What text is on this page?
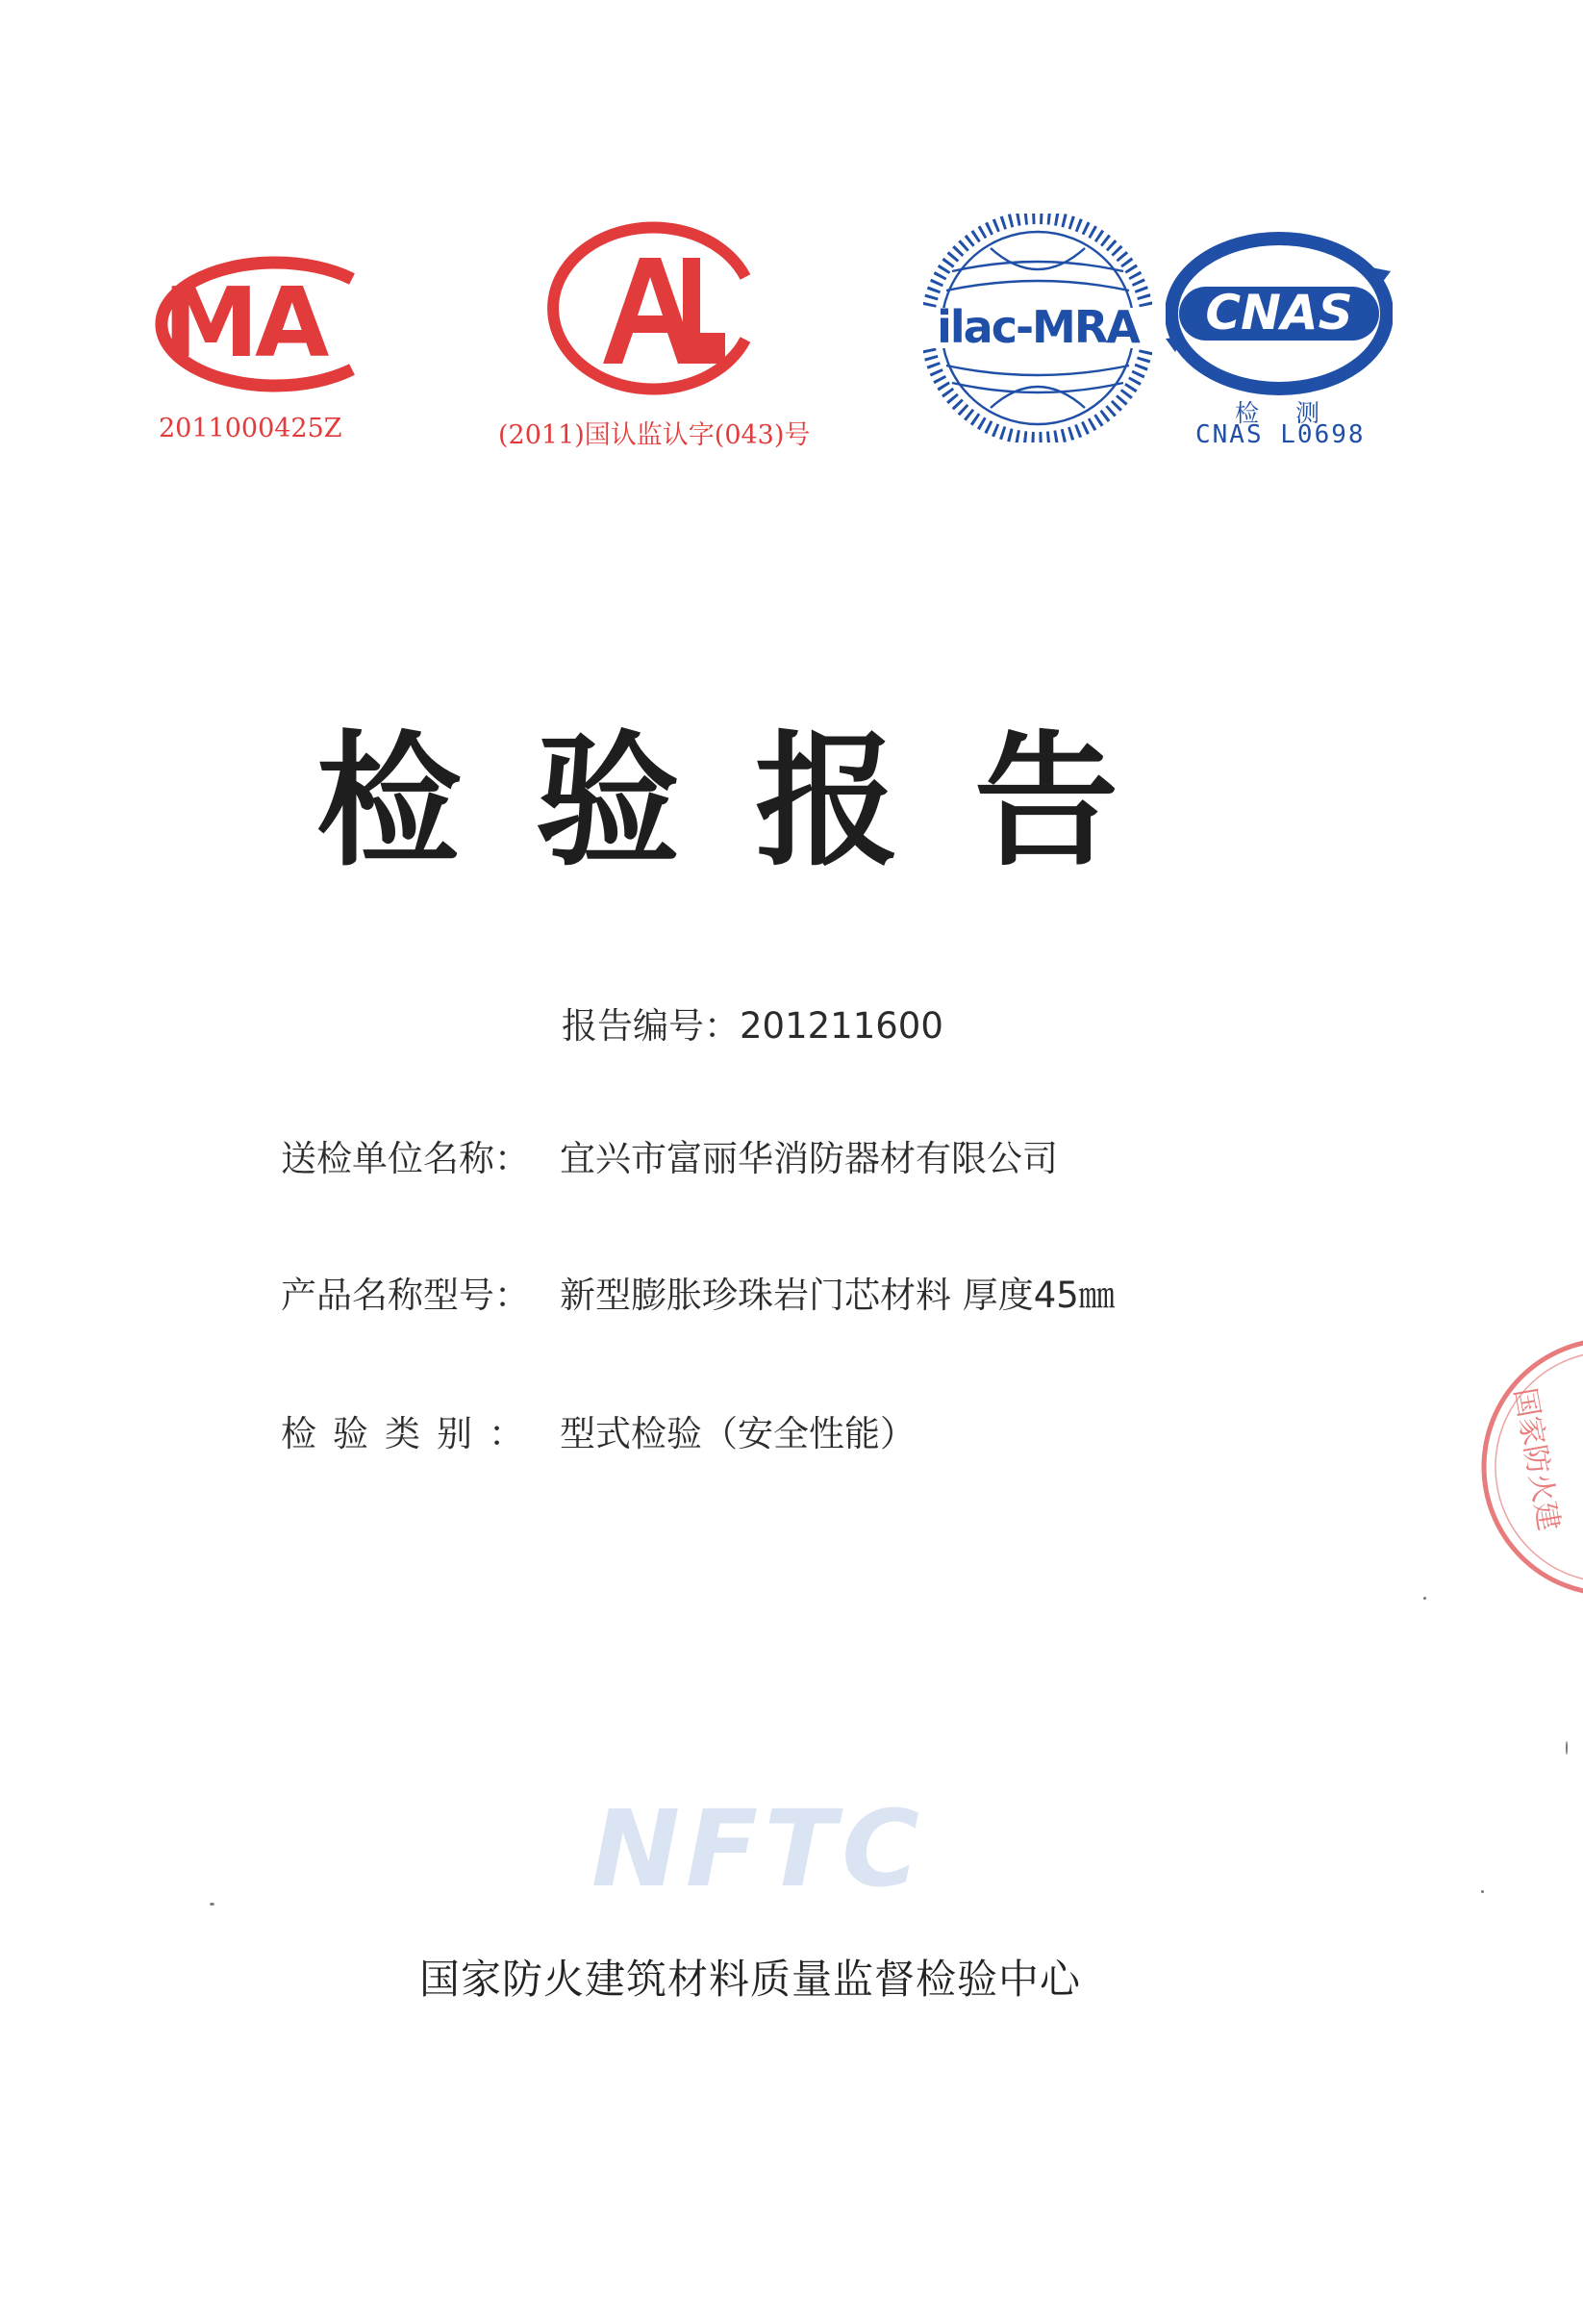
MA
2011000425Z	(2011)国认监认字(043)号
ilac-MRA CNAS
检测
CNAS L0698
检验报告
报告编号：201211600
送检单位名称： 宜兴市富丽华消防器材有限公司
产品名称型号： 新型膨胀珍珠岩门芯材料 厚度45㎜
检验类别： 型式检验（安全性能）	国家防火建
NFTC
国家防火建筑材料质量监督检验中心
